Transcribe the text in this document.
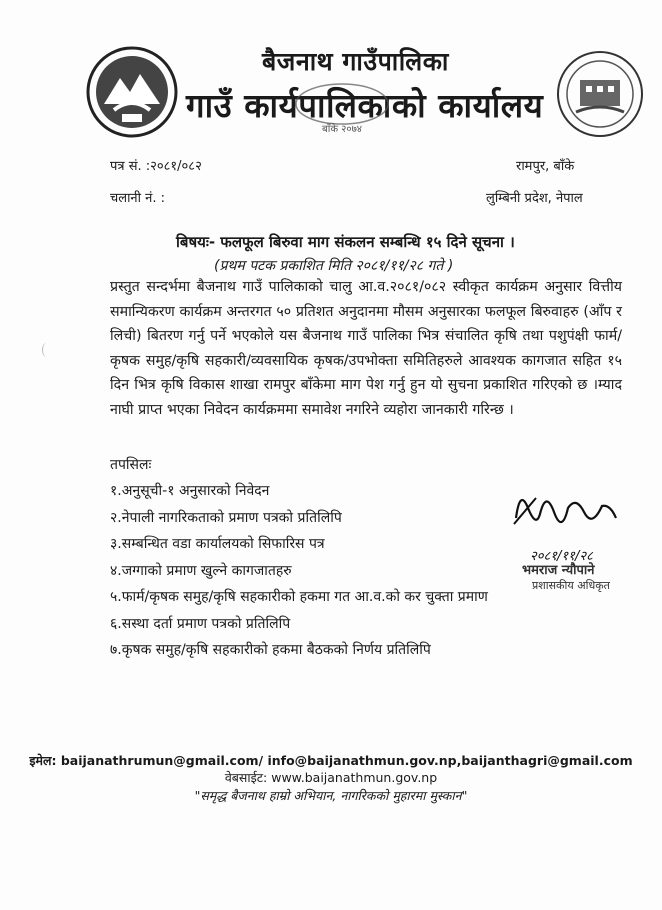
बैजनाथ गाउँपालिका
गाउँ कार्यपालिकाको कार्यालय
बाँके २०७४
पत्र सं. :२०८१/०८२
चलानी नं. :
रामपुर, बाँके
लुम्बिनी प्रदेश, नेपाल
बिषयः- फलफूल बिरुवा माग संकलन सम्बन्धि १५ दिने सूचना ।
(प्रथम पटक प्रकाशित मिति २०८१/११/२८ गते )
प्रस्तुत सन्दर्भमा बैजनाथ गाउँ पालिकाको चालु आ.व.२०८१/०८२ स्वीकृत कार्यक्रम अनुसार वित्तीय समान्यिकरण कार्यक्रम अन्तरगत ५० प्रतिशत अनुदानमा मौसम अनुसारका फलफूल बिरुवाहरु (आँप र लिची) बितरण गर्नु पर्ने भएकोले यस बैजनाथ गाउँ पालिका भित्र संचालित कृषि तथा पशुपंक्षी फार्म/कृषक समुह/कृषि सहकारी/व्यवसायिक कृषक/उपभोक्ता समितिहरुले आवश्यक कागजात सहित १५ दिन भित्र कृषि विकास शाखा रामपुर बाँकेमा माग पेश गर्नु हुन यो सुचना प्रकाशित गरिएको छ ।म्याद नाघी प्राप्त भएका निवेदन कार्यक्रममा समावेश नगरिने व्यहोरा जानकारी गरिन्छ ।
तपसिलः
१.अनुसूची-१ अनुसारको निवेदन
२.नेपाली नागरिकताको प्रमाण पत्रको प्रतिलिपि
३.सम्बन्धित वडा कार्यालयको सिफारिस पत्र
४.जग्गाको प्रमाण खुल्ने कागजातहरु
५.फार्म/कृषक समुह/कृषि सहकारीको हकमा गत आ.व.को कर चुक्ता प्रमाण
६.सस्था दर्ता प्रमाण पत्रको प्रतिलिपि
७.कृषक समुह/कृषि सहकारीको हकमा बैठकको निर्णय प्रतिलिपि
२०८१/११/२८
भमराज न्यौपाने
प्रशासकीय अधिकृत
इमेल: baijanathrumun@gmail.com/ info@baijanathmun.gov.np,baijanthagri@gmail.com
वेबसाईट: www.baijanathmun.gov.np
"समृद्ध बैजनाथ हाम्रो अभियान, नागरिकको मुहारमा मुस्कान"
